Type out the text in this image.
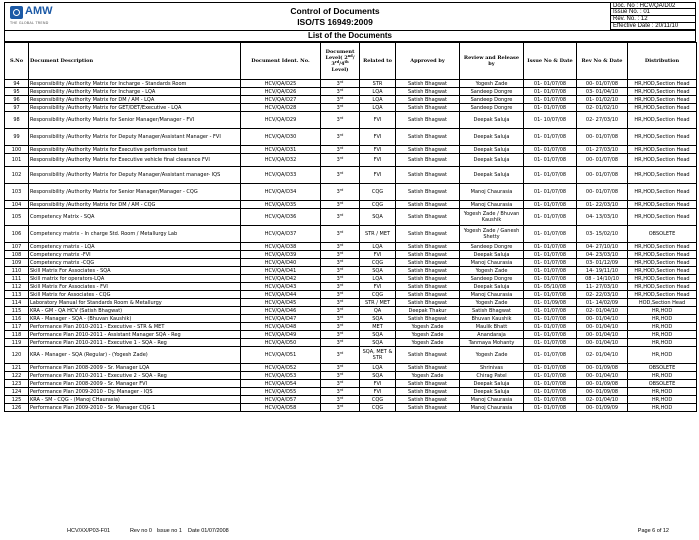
AMW
THE GLOBAL TREND
Control of Documents
ISO/TS 16949:2009
Doc. No : HCV/QA/D02
Issue No. : 01
Rev. No. : 12
Effective Date : 20/11/10
List of the Documents
S.No	Document Description	Document Ident. No.	Document Level( 2nd/ 3rd/4th Level)	Related to	Approved by	Review and Release by	Issue No & Date	Rev No & Date	Distribution
94	Responsibility /Authority Matrix for Incharge - Standards Room	HCV/QA/D25	3rd	STR	Satish Bhagwat	Yogesh Zade	01- 01/07/08	00- 01/07/08	HR,HOD,Section Head
95	Responsibility /Authority Matrix for Incharge - LQA	HCV/QA/D26	3rd	LQA	Satish Bhagwat	Sandeep Dongre	01- 01/07/08	03- 01/04/10	HR,HOD,Section Head
96	Responsibility /Authority Matrix for DM / AM - LQA	HCV/QA/D27	3rd	LQA	Satish Bhagwat	Sandeep Dongre	01- 01/07/08	01- 01/02/10	HR,HOD,Section Head
97	Responsibility /Authority Matrix for GET/DET/Executive - LQA	HCV/QA/D28	3rd	LQA	Satish Bhagwat	Sandeep Dongre	01- 01/07/08	02- 01/02/10	HR,HOD,Section Head
98	Responsibility /Authority Matrix for Senior Manager/Manager - FVI	HCV/QA/D29	3rd	FVI	Satish Bhagwat	Deepak Saluja	01- 10/07/08	02- 27/03/10	HR,HOD,Section Head
99	Responsibility /Authority Matrix for Deputy Manager/Assistant Manager - FVI	HCV/QA/D30	3rd	FVI	Satish Bhagwat	Deepak Saluja	01- 01/07/08	00- 01/07/08	HR,HOD,Section Head
100	Responsibility /Authority Matrix for Executive performance test	HCV/QA/D31	3rd	FVI	Satish Bhagwat	Deepak Saluja	01- 01/07/08	01- 27/03/10	HR,HOD,Section Head
101	Responsibility /Authority Matrix for Executive vehicle final clearance FVI	HCV/QA/D32	3rd	FVI	Satish Bhagwat	Deepak Saluja	01- 01/07/08	00- 01/07/08	HR,HOD,Section Head
102	Responsibility /Authority Matrix for Deputy Manager/Assistant manager- IQS	HCV/QA/D33	3rd	FVI	Satish Bhagwat	Deepak Saluja	01- 01/07/08	00- 01/07/08	HR,HOD,Section Head
103	Responsibility /Authority Matrix for Senior Manager/Manager - CQG	HCV/QA/D34	3rd	CQG	Satish Bhagwat	Manoj Chaurasia	01- 01/07/08	00- 01/07/08	HR,HOD,Section Head
104	Responsibility /Authority Matrix for DM / AM - CQG	HCV/QA/D35	3rd	CQG	Satish Bhagwat	Manoj Chaurasia	01- 01/07/08	01- 22/03/10	HR,HOD,Section Head
105	Competency Matrix - SQA	HCV/QA/D36	3rd	SQA	Satish Bhagwat	Yogesh Zade / Bhuvan Kaushik	01- 01/07/08	04- 13/03/10	HR,HOD,Section Head
106	Competency matrix - In charge Std. Room / Metallurgy Lab	HCV/QA/D37	3rd	STR / MET	Satish Bhagwat	Yogesh Zade / Ganesh Shetty	01- 01/07/08	03- 15/02/10	OBSOLETE
107	Competency matrix - LQA	HCV/QA/D38	3rd	LQA	Satish Bhagwat	Sandeep Dongre	01- 01/07/08	04- 27/10/10	HR,HOD,Section Head
108	Competency matrix -FVI	HCV/QA/D39	3rd	FVI	Satish Bhagwat	Deepak Saluja	01- 01/07/08	04- 23/03/10	HR,HOD,Section Head
109	Competency matrix -CQG	HCV/QA/D40	3rd	CQG	Satish Bhagwat	Manoj Chaurasia	01- 01/07/08	03- 01/12/09	HR,HOD,Section Head
110	Skill Matrix For Associates - SQA	HCV/QA/D41	3rd	SQA	Satish Bhagwat	Yogesh Zade	01- 01/07/08	14- 19/11/10	HR,HOD,Section Head
111	Skill matrix for operators-LQA	HCV/QA/D42	3rd	LQA	Satish Bhagwat	Sandeep Dongre	01- 01/07/08	08 - 14/10/10	HR,HOD,Section Head
112	Skill Matrix For Associates - FVI	HCV/QA/D43	3rd	FVI	Satish Bhagwat	Deepak Saluja	01- 05/10/08	11- 27/03/10	HR,HOD,Section Head
113	Skill Matrix for Associates - CQG	HCV/QA/D44	3rd	CQG	Satish Bhagwat	Manoj Chaurasia	01- 01/07/08	02- 22/03/10	HR,HOD,Section Head
114	Laboratory Manual for Standards Room & Metallurgy	HCV/QA/D45	3rd	STR / MET	Satish Bhagwat	Yogesh Zade	01- 01/09/08	01- 14/02/09	HOD,Section Head
115	KRA - GM - QA HCV (Satish Bhagwat)	HCV/QA/D46	3rd	QA	Deepak Thakur	Satish Bhagwat	01- 01/07/08	02- 01/04/10	HR,HOD
116	KRA - Manager - SQA - (Bhuvan Kaushik)	HCV/QA/D47	3rd	SQA	Satish Bhagwat	Bhuvan Kaushik	01- 01/07/08	00- 01/04/10	HR,HOD
117	Performance Plan 2010-2011 - Executive - STR & MET	HCV/QA/D48	3rd	MET	Yogesh Zade	Maulik Bhatt	01- 01/07/08	00- 01/04/10	HR,HOD
118	Performance Plan 2010-2011 - Assistant Manager SQA - Reg	HCV/QA/D49	3rd	SQA	Yogesh Zade	Anandaraja	01- 01/07/08	00- 01/04/10	HR,HOD
119	Performance Plan 2010-2011 - Executive 1 - SQA - Reg	HCV/QA/D50	3rd	SQA	Yogesh Zade	Tanmaya Mohanty	01- 01/07/08	00- 01/04/10	HR,HOD
120	KRA - Manager - SQA (Regular) - (Yogesh Zade)	HCV/QA/D51	3rd	SQA, MET & STR	Satish Bhagwat	Yogesh Zade	01- 01/07/08	02- 01/04/10	HR,HOD
121	Performance Plan 2008-2009 - Sr. Manager LQA	HCV/QA/D52	3rd	LQA	Satish Bhagwat	Shrinivas	01- 01/07/08	00- 01/09/08	OBSOLETE
122	Performance Plan 2010-2011 - Executive 2 - SQA - Reg	HCV/QA/D53	3rd	SQA	Yogesh Zade	Chirag Patel	01- 01/07/08	00- 01/04/10	HR,HOD
123	Performance Plan 2008-2009 - Sr. Manager FVI	HCV/QA/D54	3rd	FVI	Satish Bhagwat	Deepak Saluja	01- 01/07/08	00- 01/09/08	OBSOLETE
124	Performance Plan 2009-2010 - Dy. Manager - IQS	HCV/QA/D55	3rd	FVI	Satish Bhagwat	Deepak Saluja	01- 01/07/08	00- 01/09/08	HR,HOD
125	KRA - SM - CQG - (Manoj CHaurasia)	HCV/QA/D57	3rd	CQG	Satish Bhagwat	Manoj Chaurasia	01- 01/07/08	02- 01/04/10	HR,HOD
126	Performance Plan 2009-2010 - Sr. Manager CQG 1	HCV/QA/D58	3rd	CQG	Satish Bhagwat	Manoj Chaurasia	01- 01/07/08	00- 01/09/09	HR,HOD
HCV/XX/P03-F01             Rev no 0   Issue no 1    Date 01/07/2008	Page 6 of 12
